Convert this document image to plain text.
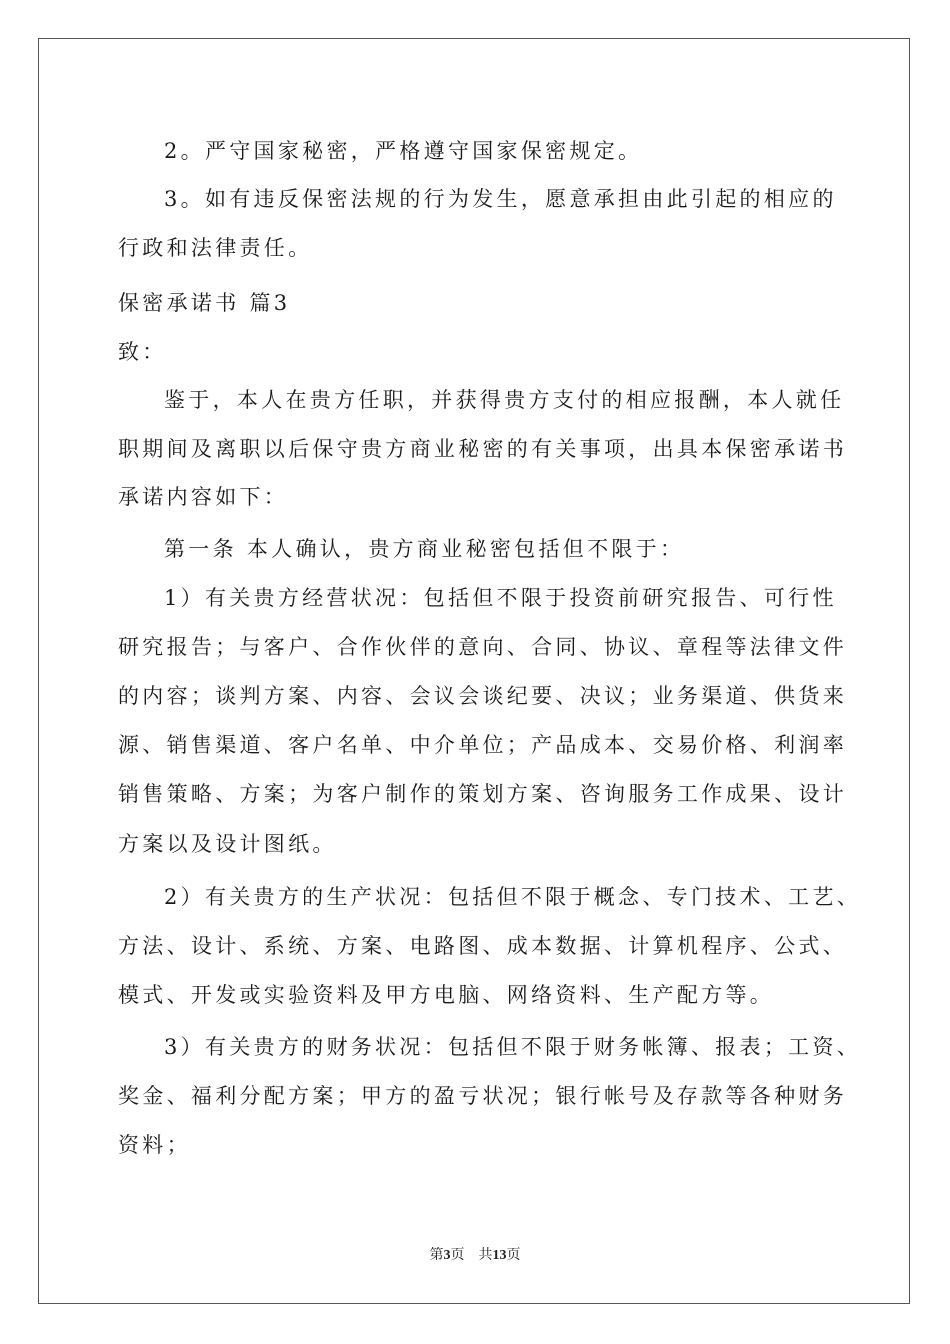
2。严守国家秘密，严格遵守国家保密规定。
3。如有违反保密法规的行为发生，愿意承担由此引起的相应的
行政和法律责任。
保密承诺书 篇3
致：
鉴于，本人在贵方任职，并获得贵方支付的相应报酬，本人就任
职期间及离职以后保守贵方商业秘密的有关事项，出具本保密承诺书
承诺内容如下：
第一条 本人确认，贵方商业秘密包括但不限于：
1）有关贵方经营状况：包括但不限于投资前研究报告、可行性
研究报告；与客户、合作伙伴的意向、合同、协议、章程等法律文件
的内容；谈判方案、内容、会议会谈纪要、决议；业务渠道、供货来
源、销售渠道、客户名单、中介单位；产品成本、交易价格、利润率
销售策略、方案；为客户制作的策划方案、咨询服务工作成果、设计
方案以及设计图纸。
2）有关贵方的生产状况：包括但不限于概念、专门技术、工艺、
方法、设计、系统、方案、电路图、成本数据、计算机程序、公式、
模式、开发或实验资料及甲方电脑、网络资料、生产配方等。
3）有关贵方的财务状况：包括但不限于财务帐簿、报表；工资、
奖金、福利分配方案；甲方的盈亏状况；银行帐号及存款等各种财务
资料；
第3页　共13页
